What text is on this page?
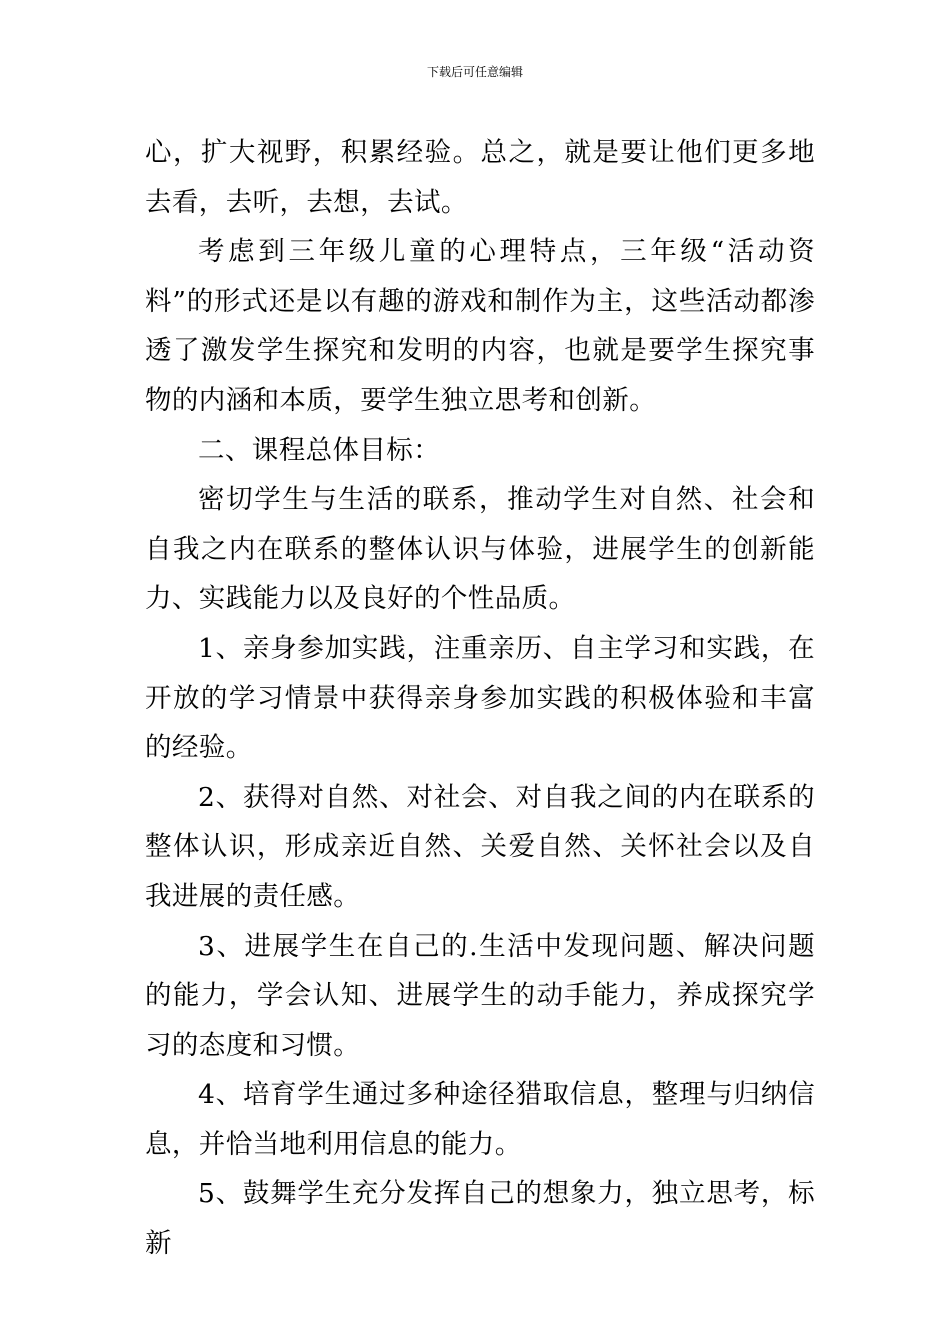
下载后可任意编辑

心，扩大视野，积累经验。总之，就是要让他们更多地去看，去听，去想，去试。

考虑到三年级儿童的心理特点，三年级“活动资料”的形式还是以有趣的游戏和制作为主，这些活动都渗透了激发学生探究和发明的内容，也就是要学生探究事物的内涵和本质，要学生独立思考和创新。

二、课程总体目标：

密切学生与生活的联系，推动学生对自然、社会和自我之内在联系的整体认识与体验，进展学生的创新能力、实践能力以及良好的个性品质。

1、亲身参加实践，注重亲历、自主学习和实践，在开放的学习情景中获得亲身参加实践的积极体验和丰富的经验。

2、获得对自然、对社会、对自我之间的内在联系的整体认识，形成亲近自然、关爱自然、关怀社会以及自我进展的责任感。

3、进展学生在自己的.生活中发现问题、解决问题的能力，学会认知、进展学生的动手能力，养成探究学习的态度和习惯。

4、培育学生通过多种途径猎取信息，整理与归纳信息，并恰当地利用信息的能力。

5、鼓舞学生充分发挥自己的想象力，独立思考，标新
